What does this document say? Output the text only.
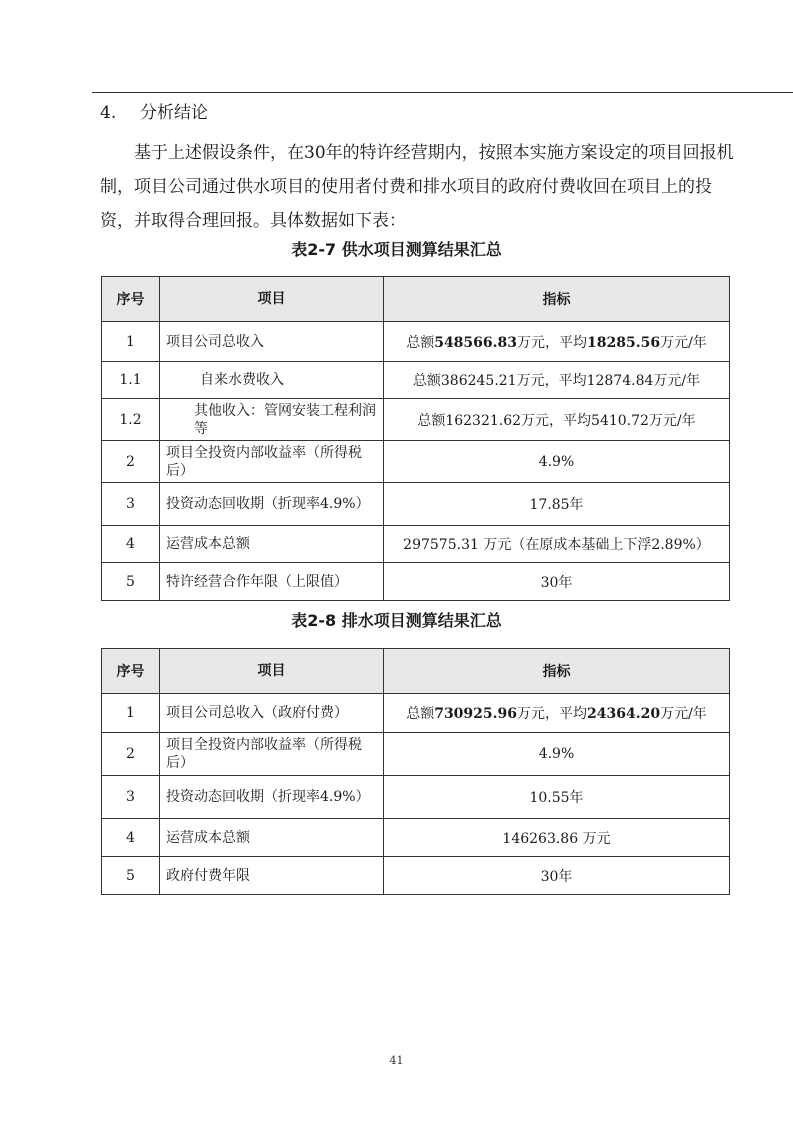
4. 分析结论

基于上述假设条件，在30年的特许经营期内，按照本实施方案设定的项目回报机制，项目公司通过供水项目的使用者付费和排水项目的政府付费收回在项目上的投资，并取得合理回报。具体数据如下表：

表2-7 供水项目测算结果汇总
序号	项目	指标
1	项目公司总收入	总额548566.83万元，平均18285.56万元/年
1.1	自来水费收入	总额386245.21万元，平均12874.84万元/年
1.2	其他收入：管网安装工程利润等	总额162321.62万元，平均5410.72万元/年
2	项目全投资内部收益率（所得税后）	4.9%
3	投资动态回收期（折现率4.9%）	17.85年
4	运营成本总额	297575.31 万元（在原成本基础上下浮2.89%）
5	特许经营合作年限（上限值）	30年
表2-8 排水项目测算结果汇总
序号	项目	指标
1	项目公司总收入（政府付费）	总额730925.96万元，平均24364.20万元/年
2	项目全投资内部收益率（所得税后）	4.9%
3	投资动态回收期（折现率4.9%）	10.55年
4	运营成本总额	146263.86 万元
5	政府付费年限	30年
41
